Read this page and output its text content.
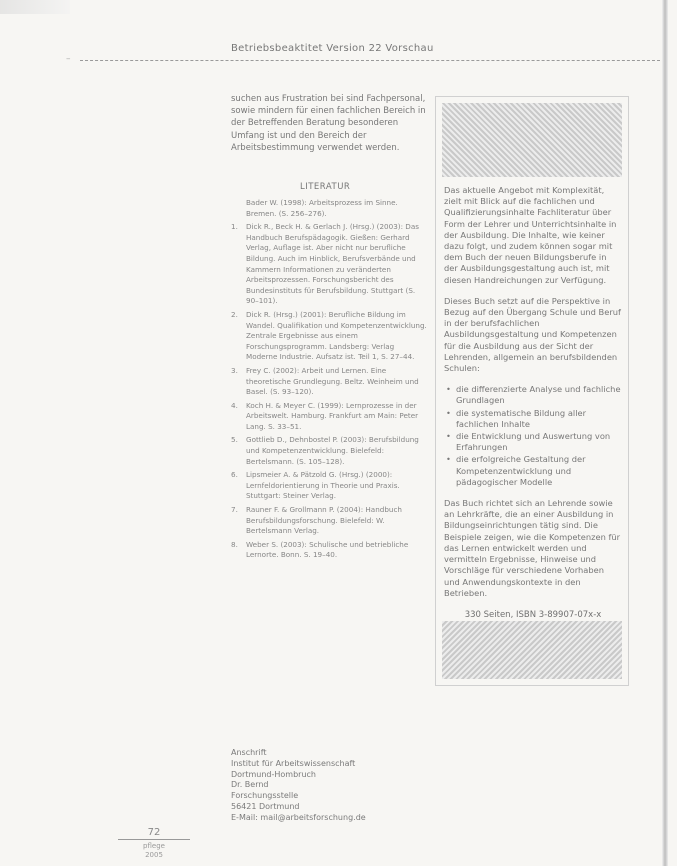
–
Betriebsbeaktitet Version 22 Vorschau

suchen aus Frustration bei sind Fachpersonal, sowie mindern für einen fachlichen Bereich in der Betreffenden Beratung besonderen Umfang ist und den Bereich der Arbeitsbestimmung verwendet werden.

LITERATUR
Bader W. (1998): Arbeitsprozess im Sinne. Bremen. (S. 256–276).
1. Dick R., Beck H. & Gerlach J. (Hrsg.) (2003): Das Handbuch Berufspädagogik. Gießen: Gerhard Verlag, Auflage ist. Aber nicht nur berufliche Bildung. Auch im Hinblick, Berufsverbände und Kammern Informationen zu veränderten Arbeitsprozessen. Forschungsbericht des Bundesinstituts für Berufsbildung. Stuttgart (S. 90–101).
2. Dick R. (Hrsg.) (2001): Berufliche Bildung im Wandel. Qualifikation und Kompetenzentwicklung. Zentrale Ergebnisse aus einem Forschungsprogramm. Landsberg: Verlag Moderne Industrie. Aufsatz ist. Teil 1, S. 27–44.
3. Frey C. (2002): Arbeit und Lernen. Eine theoretische Grundlegung. Beltz. Weinheim und Basel. (S. 93–120).
4. Koch H. & Meyer C. (1999): Lernprozesse in der Arbeitswelt. Hamburg. Frankfurt am Main: Peter Lang. S. 33–51.
5. Gottlieb D., Dehnbostel P. (2003): Berufsbildung und Kompetenzentwicklung. Bielefeld: Bertelsmann. (S. 105–128).
6. Lipsmeier A. & Pätzold G. (Hrsg.) (2000): Lernfeldorientierung in Theorie und Praxis. Stuttgart: Steiner Verlag.
7. Rauner F. & Grollmann P. (2004): Handbuch Berufsbildungsforschung. Bielefeld: W. Bertelsmann Verlag.
8. Weber S. (2003): Schulische und betriebliche Lernorte. Bonn. S. 19–40.
Anschrift
Institut für Arbeitswissenschaft
Dortmund-Hombruch
Dr. Bernd
Forschungsstelle
56421 Dortmund
E-Mail: mail@arbeitsforschung.de
72
pflege
2005

Das aktuelle Angebot mit Komplexität, zielt mit Blick auf die fachlichen und Qualifizierungsinhalte Fachliteratur über Form der Lehrer und Unterrichtsinhalte in der Ausbildung. Die Inhalte, wie keiner dazu folgt, und zudem können sogar mit dem Buch der neuen Bildungsberufe in der Ausbildungsgestaltung auch ist, mit diesen Handreichungen zur Verfügung.

Dieses Buch setzt auf die Perspektive in Bezug auf den Übergang Schule und Beruf in der berufsfachlichen Ausbildungsgestaltung und Kompetenzen für die Ausbildung aus der Sicht der Lehrenden, allgemein an berufsbildenden Schulen:

• die differenzierte Analyse und fachliche Grundlagen
• die systematische Bildung aller fachlichen Inhalte
• die Entwicklung und Auswertung von Erfahrungen
• die erfolgreiche Gestaltung der Kompetenzentwicklung und pädagogischer Modelle

Das Buch richtet sich an Lehrende sowie an Lehrkräfte, die an einer Ausbildung in Bildungseinrichtungen tätig sind. Die Beispiele zeigen, wie die Kompetenzen für das Lernen entwickelt werden und vermitteln Ergebnisse, Hinweise und Vorschläge für verschiedene Vorhaben und Anwendungskontexte in den Betrieben.

330 Seiten, ISBN 3-89907-07x-x
